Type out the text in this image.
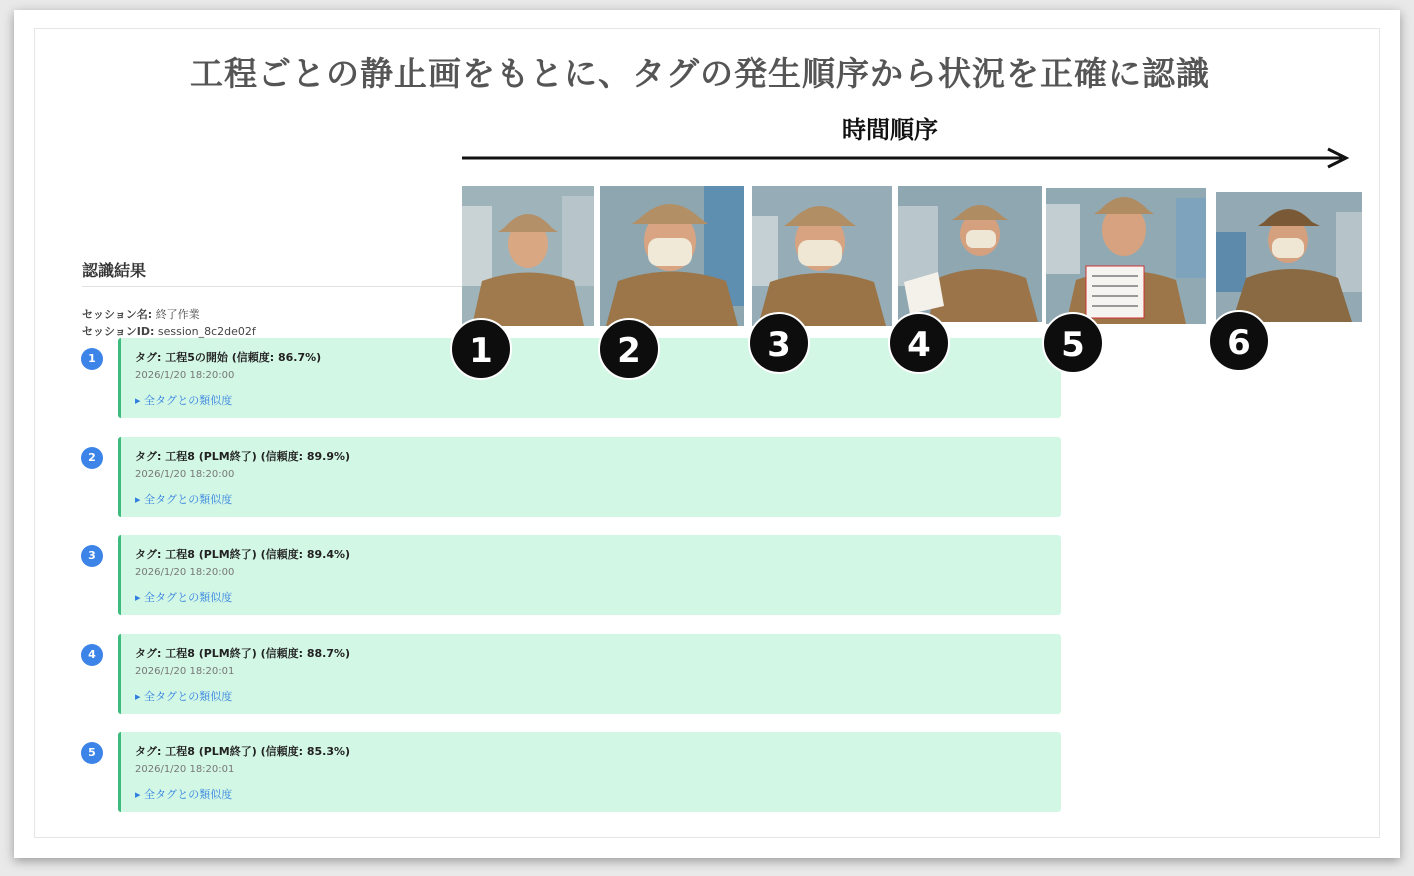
工程ごとの静止画をもとに、タグの発生順序から状況を正確に認識
時間順序
認識結果
セッション名: 終了作業
セッションID: session_8c2de02f
1	タグ: 工程5の開始 (信頼度: 86.7%)
2026/1/20 18:20:00
▸ 全タグとの類似度
2	タグ: 工程8 (PLM終了) (信頼度: 89.9%)
2026/1/20 18:20:00
▸ 全タグとの類似度
3	タグ: 工程8 (PLM終了) (信頼度: 89.4%)
2026/1/20 18:20:00
▸ 全タグとの類似度
4	タグ: 工程8 (PLM終了) (信頼度: 88.7%)
2026/1/20 18:20:01
▸ 全タグとの類似度
5	タグ: 工程8 (PLM終了) (信頼度: 85.3%)
2026/1/20 18:20:01
▸ 全タグとの類似度
1	2	3	4	5	6
